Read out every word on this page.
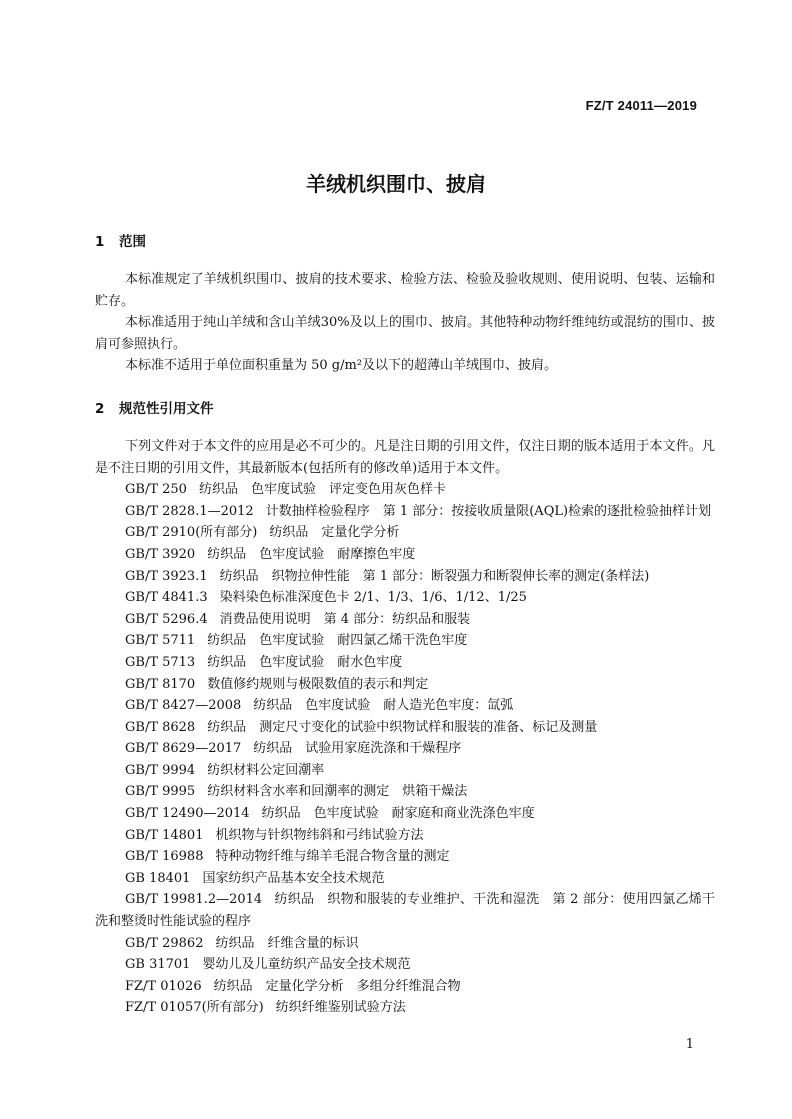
FZ/T 24011—2019
羊绒机织围巾、披肩
1 范围

本标准规定了羊绒机织围巾、披肩的技术要求、检验方法、检验及验收规则、使用说明、包装、运输和贮存。

本标准适用于纯山羊绒和含山羊绒30%及以上的围巾、披肩。其他特种动物纤维纯纺或混纺的围巾、披肩可参照执行。

本标准不适用于单位面积重量为 50 g/m²及以下的超薄山羊绒围巾、披肩。

2 规范性引用文件

下列文件对于本文件的应用是必不可少的。凡是注日期的引用文件，仅注日期的版本适用于本文件。凡是不注日期的引用文件，其最新版本(包括所有的修改单)适用于本文件。

GB/T 250 纺织品　色牢度试验　评定变色用灰色样卡

GB/T 2828.1—2012 计数抽样检验程序　第 1 部分：按接收质量限(AQL)检索的逐批检验抽样计划

GB/T 2910(所有部分) 纺织品　定量化学分析

GB/T 3920 纺织品　色牢度试验　耐摩擦色牢度

GB/T 3923.1 纺织品　织物拉伸性能　第 1 部分：断裂强力和断裂伸长率的测定(条样法)

GB/T 4841.3 染料染色标准深度色卡 2/1、1/3、1/6、1/12、1/25

GB/T 5296.4 消费品使用说明　第 4 部分：纺织品和服装

GB/T 5711 纺织品　色牢度试验　耐四氯乙烯干洗色牢度

GB/T 5713 纺织品　色牢度试验　耐水色牢度

GB/T 8170 数值修约规则与极限数值的表示和判定

GB/T 8427—2008 纺织品　色牢度试验　耐人造光色牢度：氙弧

GB/T 8628 纺织品　测定尺寸变化的试验中织物试样和服装的准备、标记及测量

GB/T 8629—2017 纺织品　试验用家庭洗涤和干燥程序

GB/T 9994 纺织材料公定回潮率

GB/T 9995 纺织材料含水率和回潮率的测定　烘箱干燥法

GB/T 12490—2014 纺织品　色牢度试验　耐家庭和商业洗涤色牢度

GB/T 14801 机织物与针织物纬斜和弓纬试验方法

GB/T 16988 特种动物纤维与绵羊毛混合物含量的测定

GB 18401 国家纺织产品基本安全技术规范

GB/T 19981.2—2014 纺织品　织物和服装的专业维护、干洗和湿洗　第 2 部分：使用四氯乙烯干洗和整烫时性能试验的程序

GB/T 29862 纺织品　纤维含量的标识

GB 31701 婴幼儿及儿童纺织产品安全技术规范

FZ/T 01026 纺织品　定量化学分析　多组分纤维混合物

FZ/T 01057(所有部分) 纺织纤维鉴别试验方法

1
